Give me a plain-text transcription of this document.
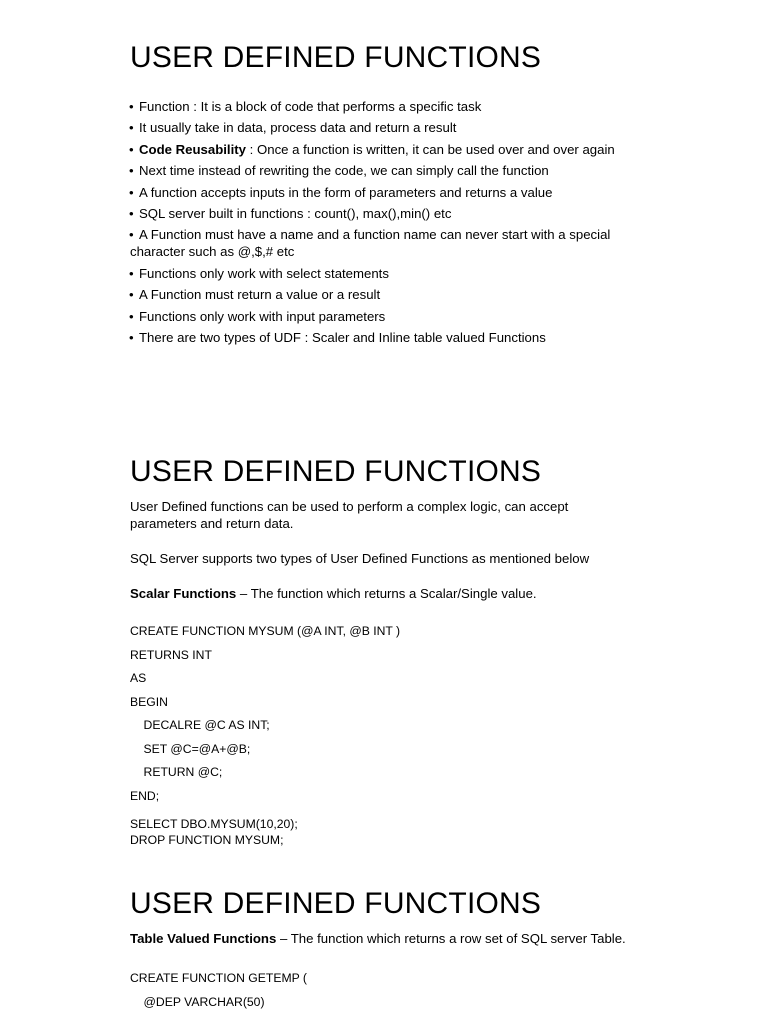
USER DEFINED FUNCTIONS
• Function : It is a block of code that performs a specific task
• It usually take in data, process data and return a result
• Code Reusability : Once a function is written, it can be used over and over again
• Next time instead of rewriting the code, we can simply call the function
• A function accepts inputs in the form of parameters and returns a value
• SQL server built in functions : count(), max(),min() etc
• A Function must have a name and a function name can never start with a special character such as @,$,# etc
• Functions only work with select statements
• A Function must return a value or a result
• Functions only work with input parameters
• There are two types of UDF : Scaler and Inline table valued Functions
USER DEFINED FUNCTIONS

User Defined functions can be used to perform a complex logic, can accept parameters and return data.

SQL Server supports two types of User Defined Functions as mentioned below

Scalar Functions – The function which returns a Scalar/Single value.

CREATE FUNCTION MYSUM (@A INT, @B INT )
RETURNS INT
AS
BEGIN
DECALRE @C AS INT;
SET @C=@A+@B;
RETURN @C;
END;
SELECT DBO.MYSUM(10,20);
DROP FUNCTION MYSUM;
USER DEFINED FUNCTIONS

Table Valued Functions – The function which returns a row set of SQL server Table.

CREATE FUNCTION GETEMP (
@DEP VARCHAR(50)
